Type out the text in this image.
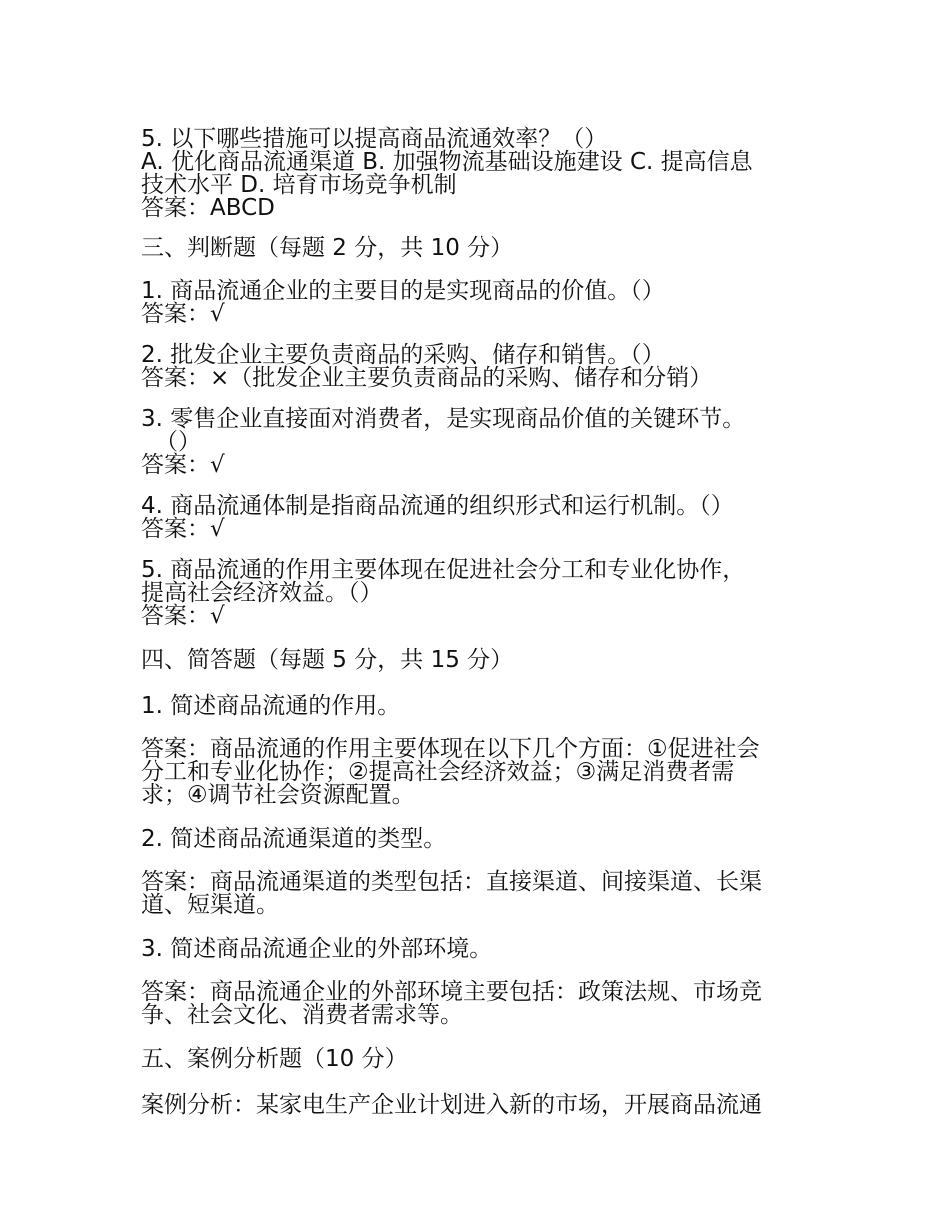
5. 以下哪些措施可以提高商品流通效率？（）
A. 优化商品流通渠道 B. 加强物流基础设施建设 C. 提高信息
技术水平 D. 培育市场竞争机制
答案：ABCD
三、判断题（每题 2 分，共 10 分）
1. 商品流通企业的主要目的是实现商品的价值。（）
答案：√
2. 批发企业主要负责商品的采购、储存和销售。（）
答案：×（批发企业主要负责商品的采购、储存和分销）
3. 零售企业直接面对消费者，是实现商品价值的关键环节。
（）
答案：√
4. 商品流通体制是指商品流通的组织形式和运行机制。（）
答案：√
5. 商品流通的作用主要体现在促进社会分工和专业化协作，
提高社会经济效益。（）
答案：√
四、简答题（每题 5 分，共 15 分）
1. 简述商品流通的作用。
答案：商品流通的作用主要体现在以下几个方面：①促进社会
分工和专业化协作；②提高社会经济效益；③满足消费者需
求；④调节社会资源配置。
2. 简述商品流通渠道的类型。
答案：商品流通渠道的类型包括：直接渠道、间接渠道、长渠
道、短渠道。
3. 简述商品流通企业的外部环境。
答案：商品流通企业的外部环境主要包括：政策法规、市场竞
争、社会文化、消费者需求等。
五、案例分析题（10 分）
案例分析：某家电生产企业计划进入新的市场，开展商品流通
